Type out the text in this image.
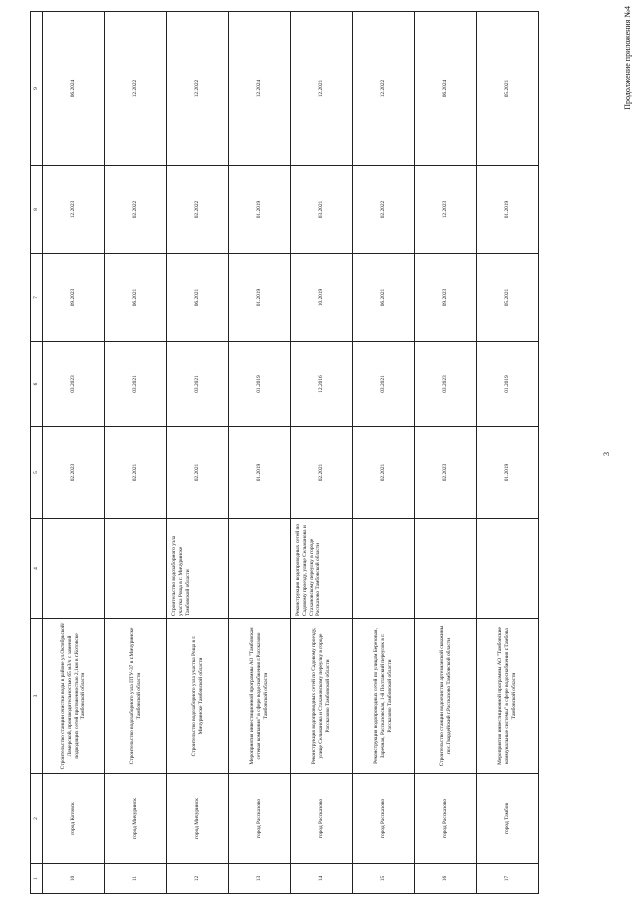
1	2	3	4	5	6	7	8	9
10	город Котовск	Строительство станции очистки воды в районе ул.Октябрьской/Лямерской, производительностью 65 м3/ч с заменой подводящих сетей протяженностью 2,1км в г.Котовске Тамбовской области		02.2023	03.2023	09.2023	12.2023	06.2024
11	город Мичуринск	Строительство водозаборного узла ПТУ-37 в г.Мичуринске Тамбовской области		02.2021	03.2021	06.2021	02.2022	12.2022
12	город Мичуринск	Строительство водозаборного узла участка Роща в г. Мичуринске Тамбовской области	Строительство водозаборного узла участка Роща в г. Мичуринске Тамбовской области	02.2021	03.2021	06.2021	02.2022	12.2022
13	город Рассказово	Мероприятия инвестиционной программы АО "Тамбовская сетевая компания" в сфере водоснабжения г.Рассказово Тамбовской области		01.2019	01.2019	01.2019	01.2019	12.2024
14	город Рассказово	Реконструкция водопроводных сетей по Садовому проезду, улице Сельманова и Стахановскому переулку в городе Рассказово Тамбовской области	Реконструкция водопроводных сетей по Садовому проезду, улице Сельманова и Стахановскому переулку в городе Рассказово Тамбовской области	02.2021	12.2016	10.2019	03.2021	12.2021
15	город Рассказово	Реконструкция водопроводных сетей по улицам Березовая, Заречная, Рассказовская, 1-й Полтавский переулок в г. Рассказово Тамбовской области		02.2021	03.2021	06.2021	02.2022	12.2022
16	город Рассказово	Строительство станции водоочистки артезианской скважины пос.Гвардейский г.Рассказово Тамбовской области		02.2023	03.2023	09.2023	12.2023	06.2024
17	город Тамбов	Мероприятия инвестиционной программы АО "Тамбовские коммунальные системы" в сфере водоснабжения г.Тамбова Тамбовской области		01.2019	01.2019	05.2021	01.2019	05.2021
3
Продолжение приложения №4
